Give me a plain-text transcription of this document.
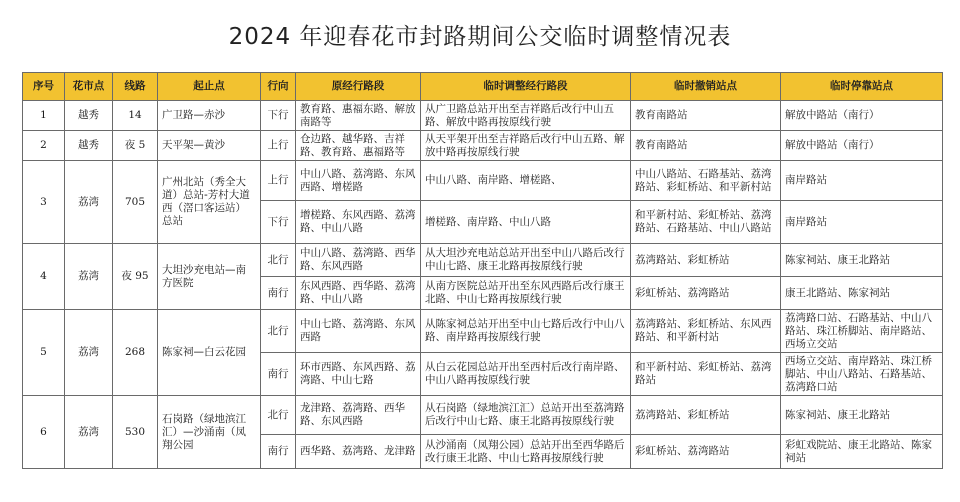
2024 年迎春花市封路期间公交临时调整情况表
序号	花市点	线路	起止点	行向	原经行路段	临时调整经行路段	临时撤销站点	临时停靠站点
1	越秀	14	广卫路—赤沙	下行	教育路、惠福东路、解放南路等	从广卫路总站开出至吉祥路后改行中山五路、解放中路再按原线行驶	教育南路站	解放中路站（南行）
2	越秀	夜 5	天平架—黄沙	上行	仓边路、越华路、吉祥路、教育路、惠福路等	从天平架开出至吉祥路后改行中山五路、解放中路再按原线行驶	教育南路站	解放中路站（南行）
3	荔湾	705	广州北站（秀全大道）总站-芳村大道西（滘口客运站）总站	上行	中山八路、荔湾路、东风西路、增槎路	中山八路、南岸路、增槎路、	中山八路站、石路基站、荔湾路站、彩虹桥站、和平新村站	南岸路站
				下行	增槎路、东风西路、荔湾路、中山八路	增槎路、南岸路、中山八路	和平新村站、彩虹桥站、荔湾路站、石路基站、中山八路站	南岸路站
4	荔湾	夜 95	大坦沙充电站—南方医院	北行	中山八路、荔湾路、西华路、东风西路	从大坦沙充电站总站开出至中山八路后改行中山七路、康王北路再按原线行驶	荔湾路站、彩虹桥站	陈家祠站、康王北路站
				南行	东风西路、西华路、荔湾路、中山八路	从南方医院总站开出至东风西路后改行康王北路、中山七路再按原线行驶	彩虹桥站、荔湾路站	康王北路站、陈家祠站
5	荔湾	268	陈家祠—白云花园	北行	中山七路、荔湾路、东风西路	从陈家祠总站开出至中山七路后改行中山八路、南岸路再按原线行驶	荔湾路站、彩虹桥站、东风西路站、和平新村站	荔湾路口站、石路基站、中山八路站、珠江桥脚站、南岸路站、西场立交站
				南行	环市西路、东风西路、荔湾路、中山七路	从白云花园总站开出至西村后改行南岸路、中山八路再按原线行驶	和平新村站、彩虹桥站、荔湾路站	西场立交站、南岸路站、珠江桥脚站、中山八路站、石路基站、荔湾路口站
6	荔湾	530	石岗路（绿地滨江汇）—沙涌南（凤翔公园	北行	龙津路、荔湾路、西华路、东风西路	从石岗路（绿地滨江汇）总站开出至荔湾路后改行中山七路、康王北路再按原线行驶	荔湾路站、彩虹桥站	陈家祠站、康王北路站
				南行	西华路、荔湾路、龙津路	从沙涌南（凤翔公园）总站开出至西华路后改行康王北路、中山七路再按原线行驶	彩虹桥站、荔湾路站	彩虹戏院站、康王北路站、陈家祠站
